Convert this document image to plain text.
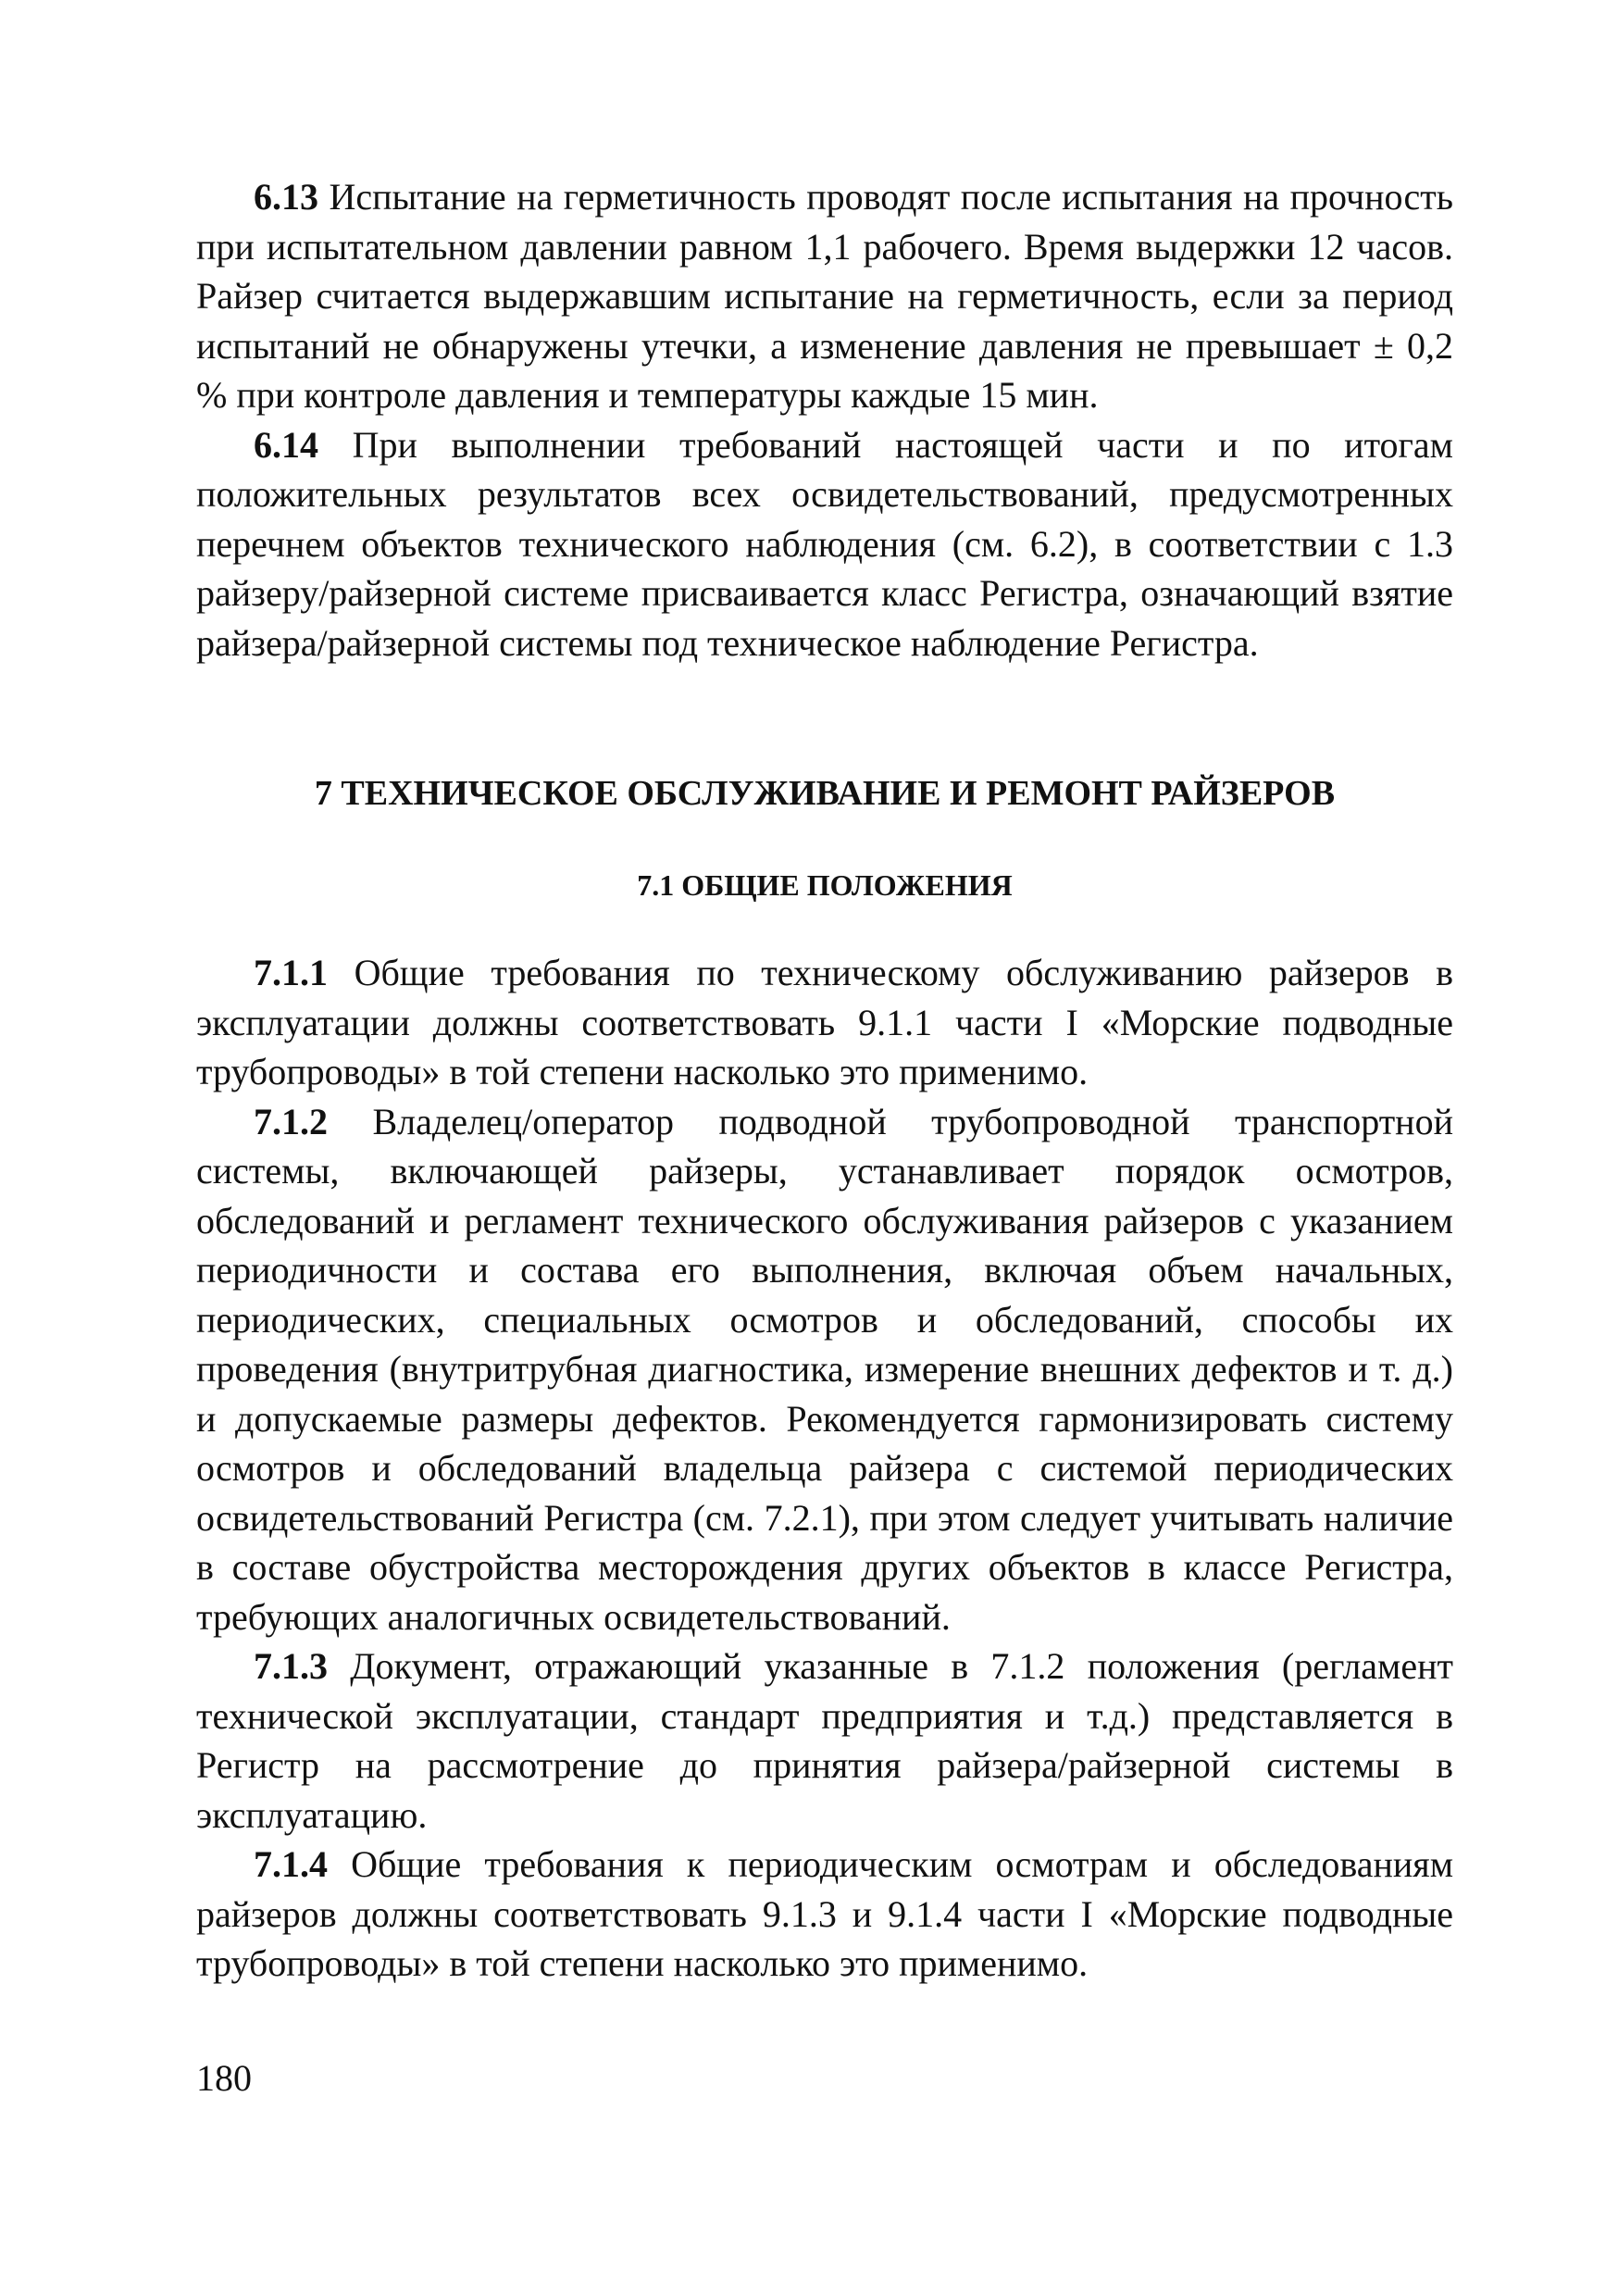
6.13 Испытание на герметичность проводят после испытания на прочность при испытательном давлении равном 1,1 рабочего. Время выдержки 12 часов. Райзер считается выдержавшим испытание на герметичность, если за период испытаний не обнаружены утечки, а изменение давления не превышает ± 0,2 % при контроле давления и температуры каждые 15 мин.

6.14 При выполнении требований настоящей части и по итогам положительных результатов всех освидетельствований, предусмотренных перечнем объектов технического наблюдения (см. 6.2), в соответствии с 1.3 райзеру/райзерной системе присваивается класс Регистра, означающий взятие райзера/райзерной системы под техническое наблюдение Регистра.

7 ТЕХНИЧЕСКОЕ ОБСЛУЖИВАНИЕ И РЕМОНТ РАЙЗЕРОВ
7.1 ОБЩИЕ ПОЛОЖЕНИЯ

7.1.1 Общие требования по техническому обслуживанию райзеров в эксплуатации должны соответствовать 9.1.1 части I «Морские подводные трубопроводы» в той степени насколько это применимо.

7.1.2 Владелец/оператор подводной трубопроводной транспортной системы, включающей райзеры, устанавливает порядок осмотров, обследований и регламент технического обслуживания райзеров с указанием периодичности и состава его выполнения, включая объем начальных, периодических, специальных осмотров и обследований, способы их проведения (внутритрубная диагностика, измерение внешних дефектов и т. д.) и допускаемые размеры дефектов. Рекомендуется гармонизировать систему осмотров и обследований владельца райзера с системой периодических освидетельствований Регистра (см. 7.2.1), при этом следует учитывать наличие в составе обустройства месторождения других объектов в классе Регистра, требующих аналогичных освидетельствований.

7.1.3 Документ, отражающий указанные в 7.1.2 положения (регламент технической эксплуатации, стандарт предприятия и т.д.) представляется в Регистр на рассмотрение до принятия райзера/райзерной системы в эксплуатацию.

7.1.4 Общие требования к периодическим осмотрам и обследованиям райзеров должны соответствовать 9.1.3 и 9.1.4 части I «Морские подводные трубопроводы» в той степени насколько это применимо.

180
